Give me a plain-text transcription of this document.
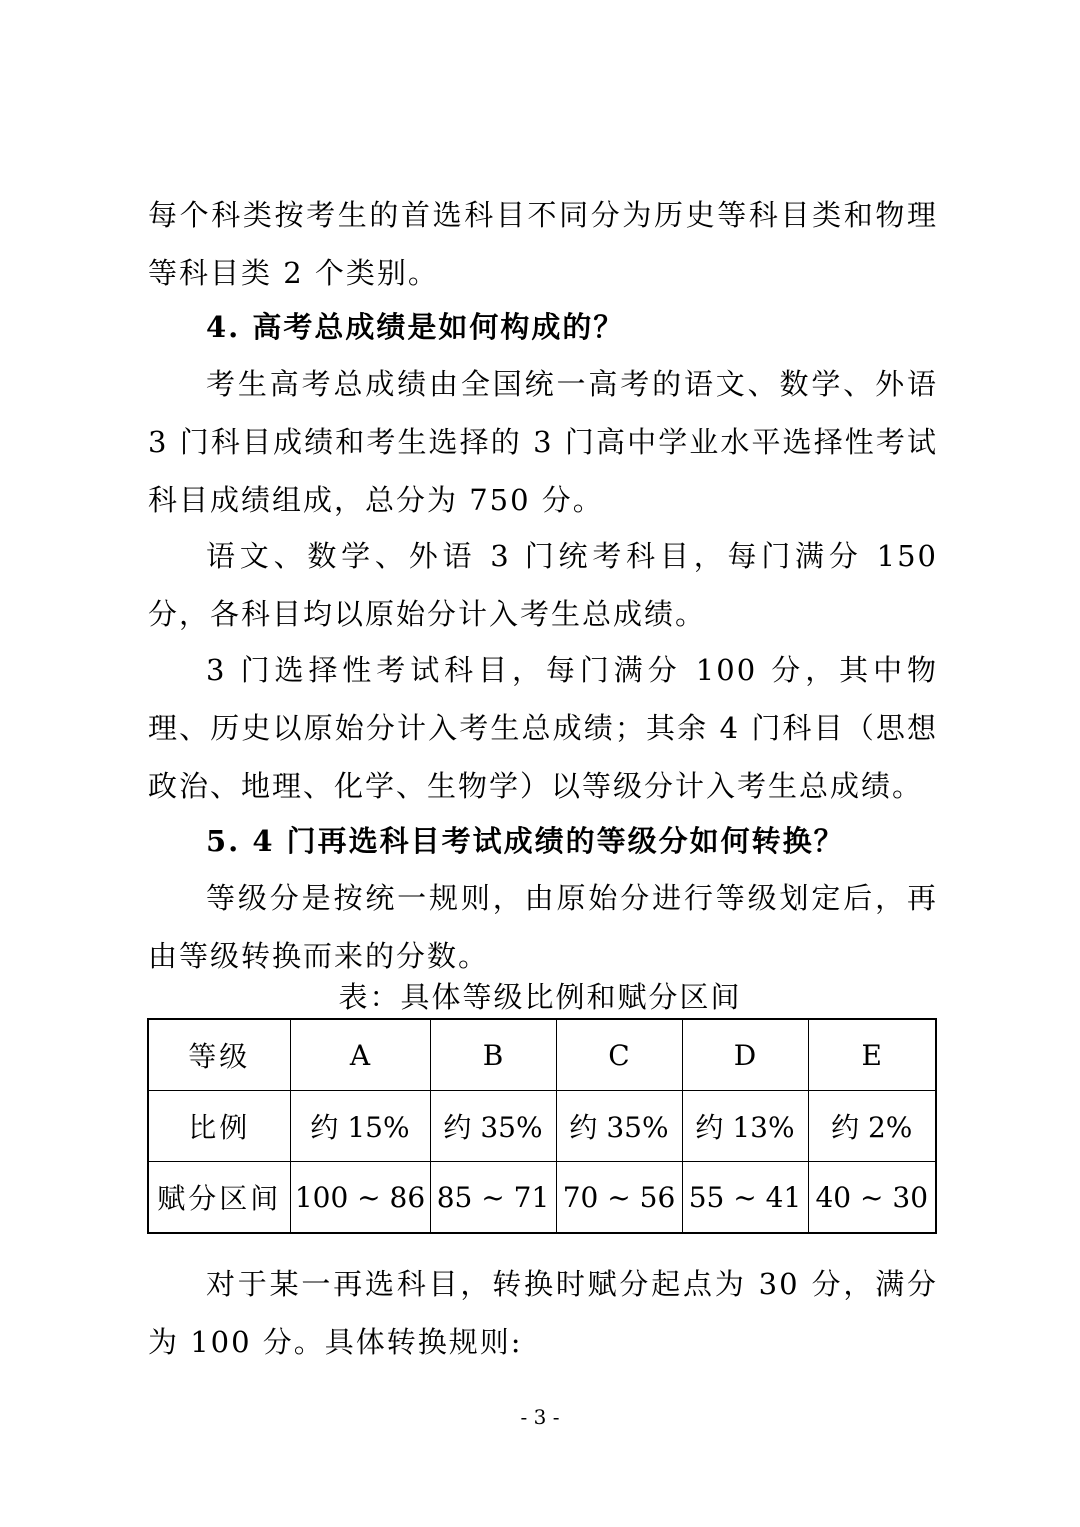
每个科类按考生的首选科目不同分为历史等科目类和物理等科目类 2 个类别。

4. 高考总成绩是如何构成的？

考生高考总成绩由全国统一高考的语文、数学、外语 3 门科目成绩和考生选择的 3 门高中学业水平选择性考试科目成绩组成，总分为 750 分。

语文、数学、外语 3 门统考科目，每门满分 150 分，各科目均以原始分计入考生总成绩。

3 门选择性考试科目，每门满分 100 分，其中物理、历史以原始分计入考生总成绩；其余 4 门科目（思想政治、地理、化学、生物学）以等级分计入考生总成绩。

5. 4 门再选科目考试成绩的等级分如何转换？

等级分是按统一规则，由原始分进行等级划定后，再由等级转换而来的分数。

表：具体等级比例和赋分区间

等级	A	B	C	D	E
比例	约 15%	约 35%	约 35%	约 13%	约 2%
赋分区间	100 ~ 86	85 ~ 71	70 ~ 56	55 ~ 41	40 ~ 30

对于某一再选科目，转换时赋分起点为 30 分，满分为 100 分。具体转换规则:

- 3 -
